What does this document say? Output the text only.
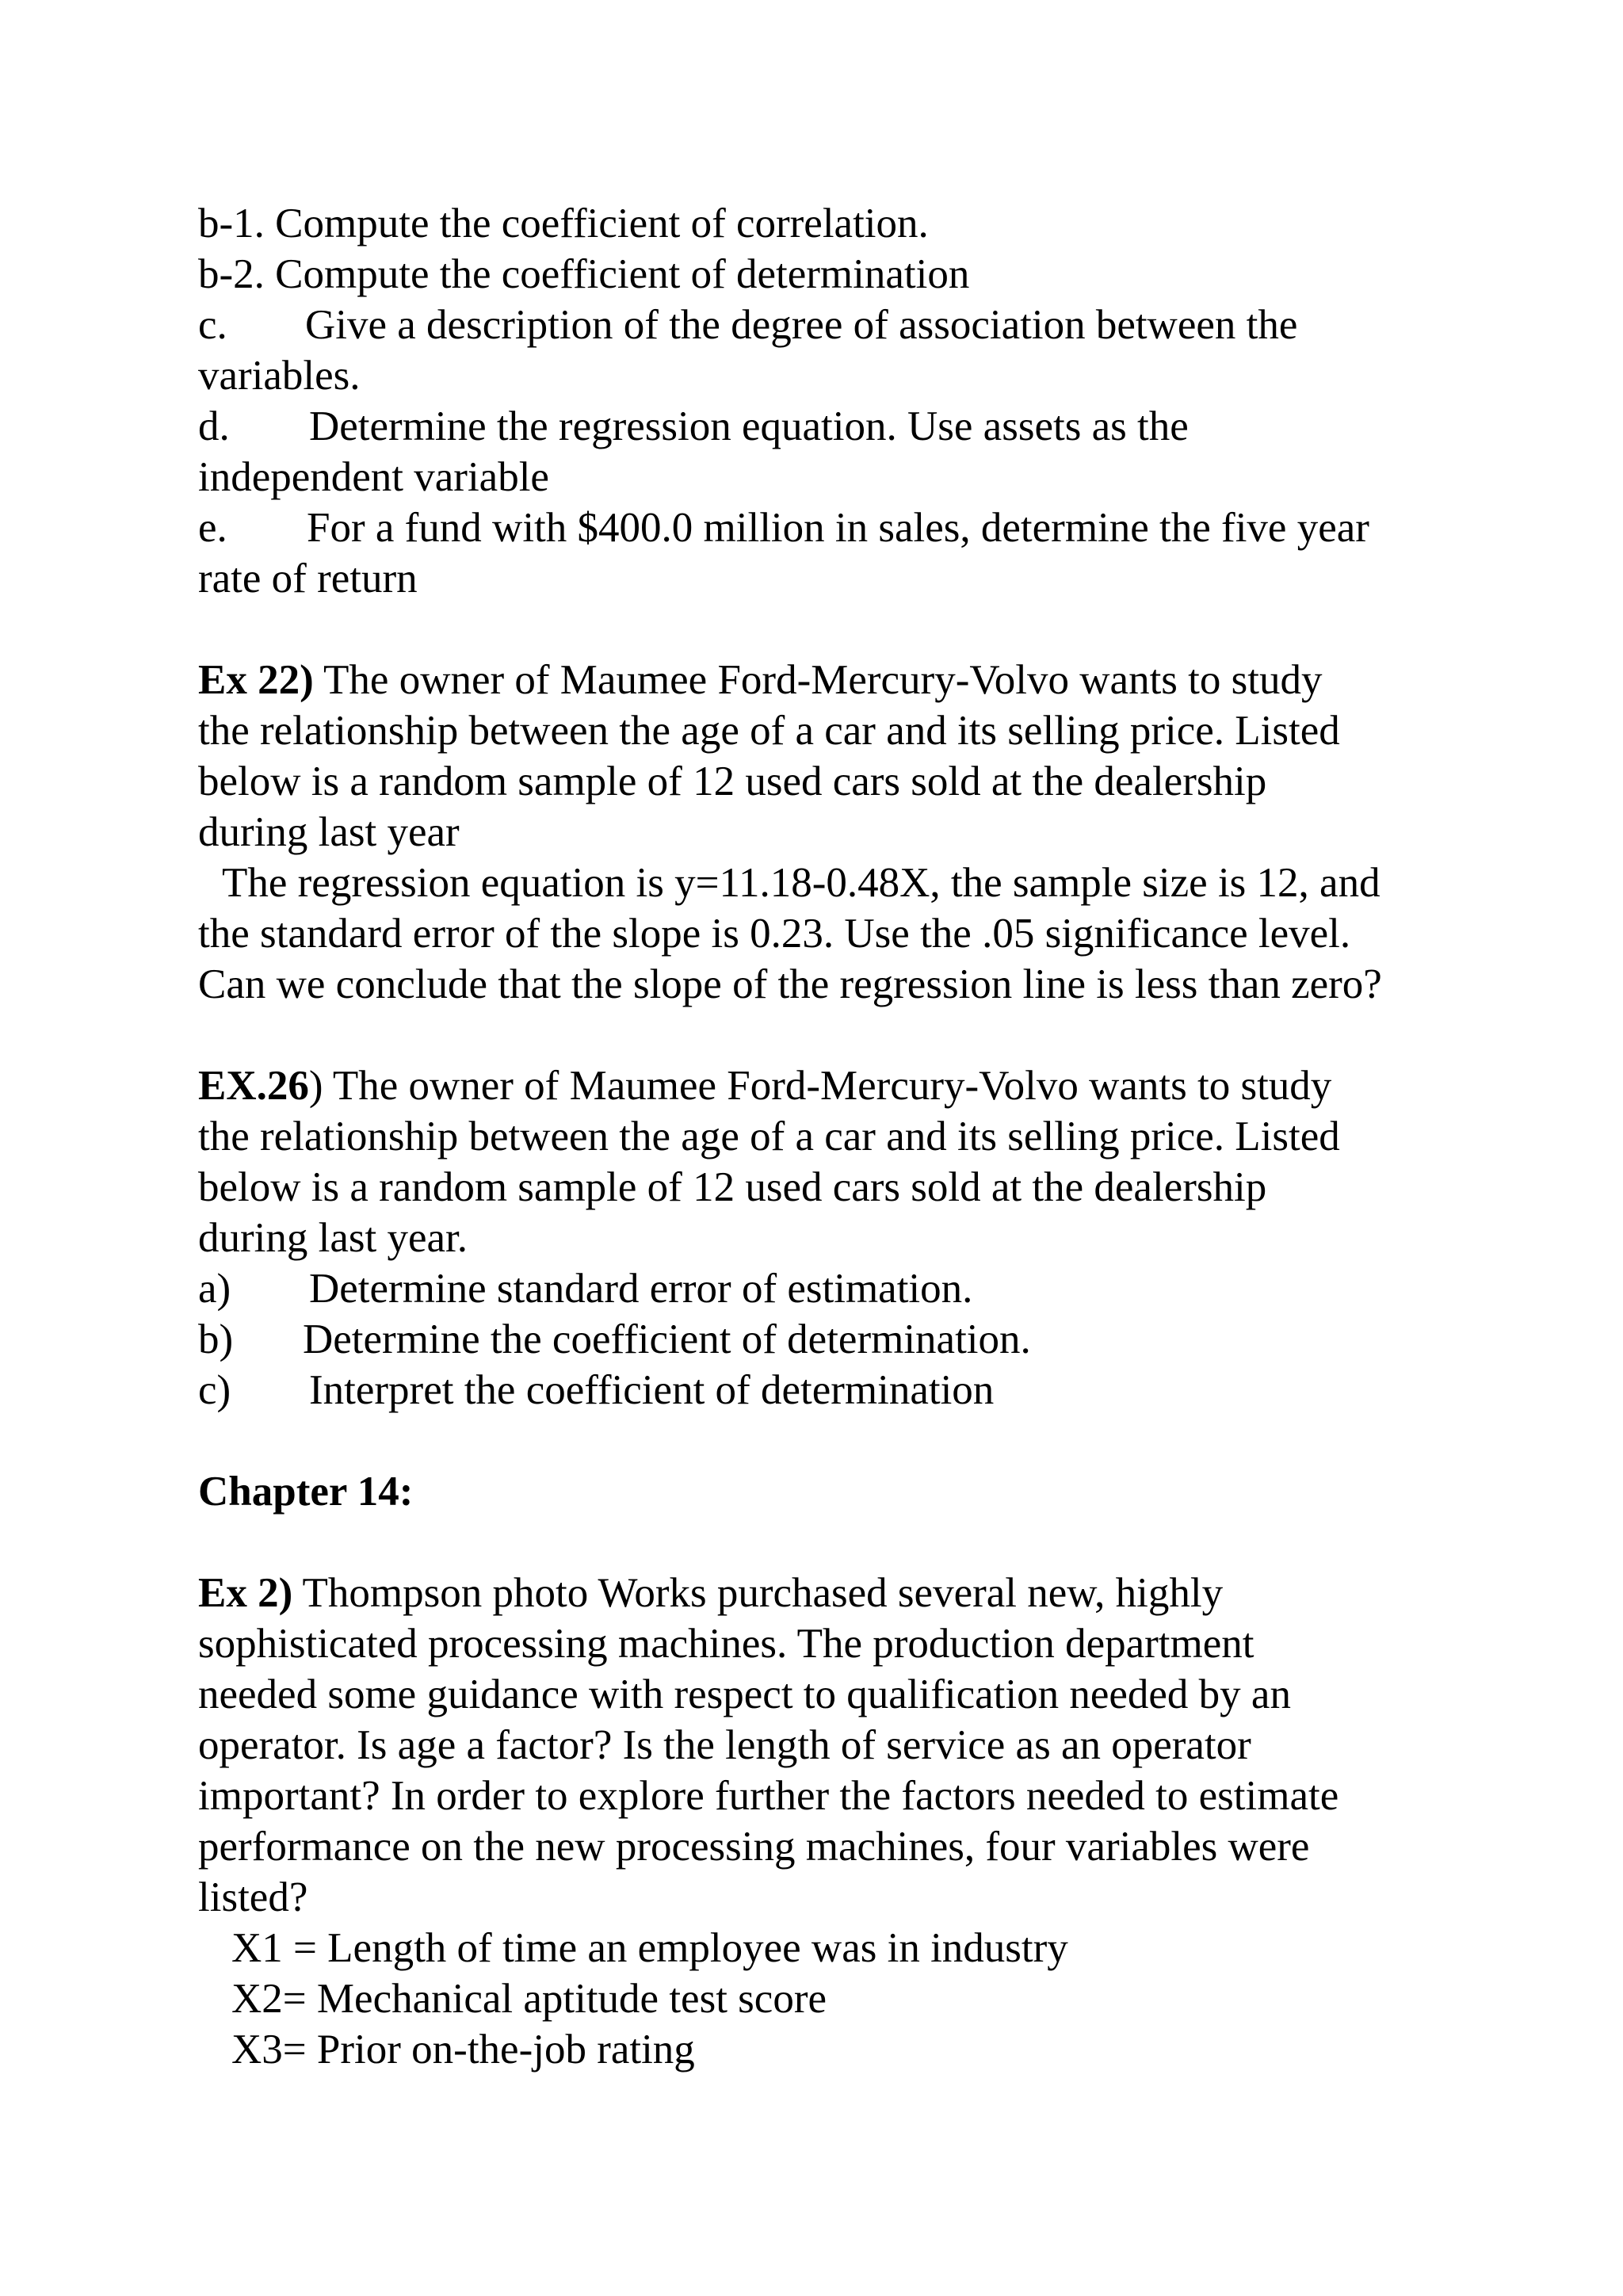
b-1. Compute the coefficient of correlation.

b-2. Compute the coefficient of determination

c. Give a description of the degree of association between the

variables.

d. Determine the regression equation. Use assets as the

independent variable

e. For a fund with $400.0 million in sales, determine the five year

rate of return

Ex 22) The owner of Maumee Ford-Mercury-Volvo wants to study

the relationship between the age of a car and its selling price. Listed

below is a random sample of 12 used cars sold at the dealership

during last year

The regression equation is y=11.18-0.48X, the sample size is 12, and

the standard error of the slope is 0.23. Use the .05 significance level.

Can we conclude that the slope of the regression line is less than zero?

EX.26) The owner of Maumee Ford-Mercury-Volvo wants to study

the relationship between the age of a car and its selling price. Listed

below is a random sample of 12 used cars sold at the dealership

during last year.

a) Determine standard error of estimation.

b) Determine the coefficient of determination.

c) Interpret the coefficient of determination

Chapter 14:

Ex 2) Thompson photo Works purchased several new, highly

sophisticated processing machines. The production department

needed some guidance with respect to qualification needed by an

operator. Is age a factor? Is the length of service as an operator

important? In order to explore further the factors needed to estimate

performance on the new processing machines, four variables were

listed?

X1 = Length of time an employee was in industry

X2= Mechanical aptitude test score

X3= Prior on-the-job rating
